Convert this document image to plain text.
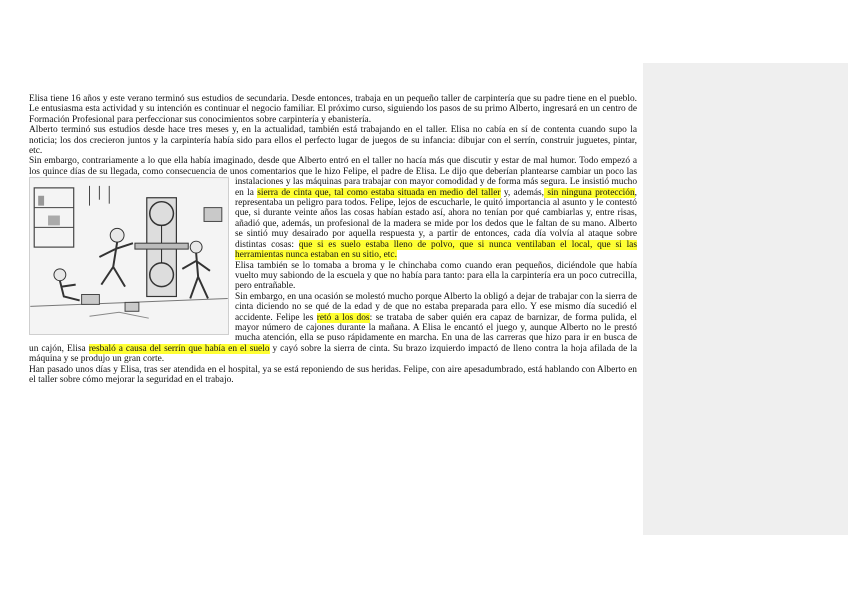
Elisa tiene 16 años y este verano terminó sus estudios de secundaria. Desde entonces, trabaja en un pequeño taller de carpintería que su padre tiene en el pueblo. Le entusiasma esta actividad y su intención es continuar el negocio familiar. El próximo curso, siguiendo los pasos de su primo Alberto, ingresará en un centro de Formación Profesional para perfeccionar sus conocimientos sobre carpintería y ebanistería.

Alberto terminó sus estudios desde hace tres meses y, en la actualidad, también está trabajando en el taller. Elisa no cabía en sí de contenta cuando supo la noticia; los dos crecieron juntos y la carpintería había sido para ellos el perfecto lugar de juegos de su infancia: dibujar con el serrín, construir juguetes, pintar, etc.

Sin embargo, contrariamente a lo que ella había imaginado, desde que Alberto entró en el taller no hacía más que discutir y estar de mal humor. Todo empezó a los quince días de su llegada, como consecuencia de unos comentarios que le hizo Felipe, el padre de Elisa. Le dijo que deberían plantearse cambiar un poco las instalaciones y las máquinas para trabajar con mayor comodidad y de forma más segura. Le
insistió mucho en la sierra de cinta que, tal como estaba situada en medio del taller y, además, sin ninguna protección, representaba un peligro para todos. Felipe, lejos de escucharle, le quitó importancia al asunto y le contestó que, si durante veinte años las cosas habían estado así, ahora no tenían por qué cambiarlas y, entre risas, añadió que, además, un profesional de la madera se mide por los dedos que le faltan de su mano. Alberto se sintió muy desairado por aquella respuesta y, a partir de entonces, cada día volvía al ataque sobre distintas cosas: que si es suelo estaba lleno de polvo, que si nunca ventilaban el local, que si las herramientas nunca estaban en su sitio, etc.

Elisa también se lo tomaba a broma y le chinchaba como cuando eran pequeños, diciéndole que había vuelto muy sabiondo de la escuela y que no había para tanto: para ella la carpintería era un poco cutrecilla, pero entrañable.

Sin embargo, en una ocasión se molestó mucho porque Alberto la obligó a dejar de trabajar con la sierra de cinta diciendo no se qué de la edad y de que no estaba preparada para ello. Y ese mismo día sucedió el accidente. Felipe les retó a los dos: se trataba de saber quién era capaz de barnizar, de forma pulida, el mayor número de cajones durante la mañana. A Elisa le encantó el juego y, aunque Alberto no le prestó mucha atención, ella se puso rápidamente en marcha. En una de las carreras que hizo para ir en busca de un cajón, Elisa resbaló a causa del serrín que había en el suelo y cayó sobre la sierra de cinta. Su brazo izquierdo impactó de lleno contra la hoja afilada de la máquina y se produjo un gran corte.

Han pasado unos días y Elisa, tras ser atendida en el hospital, ya se está reponiendo de sus heridas. Felipe, con aire apesadumbrado, está hablando con Alberto en el taller sobre cómo mejorar la seguridad en el trabajo.
